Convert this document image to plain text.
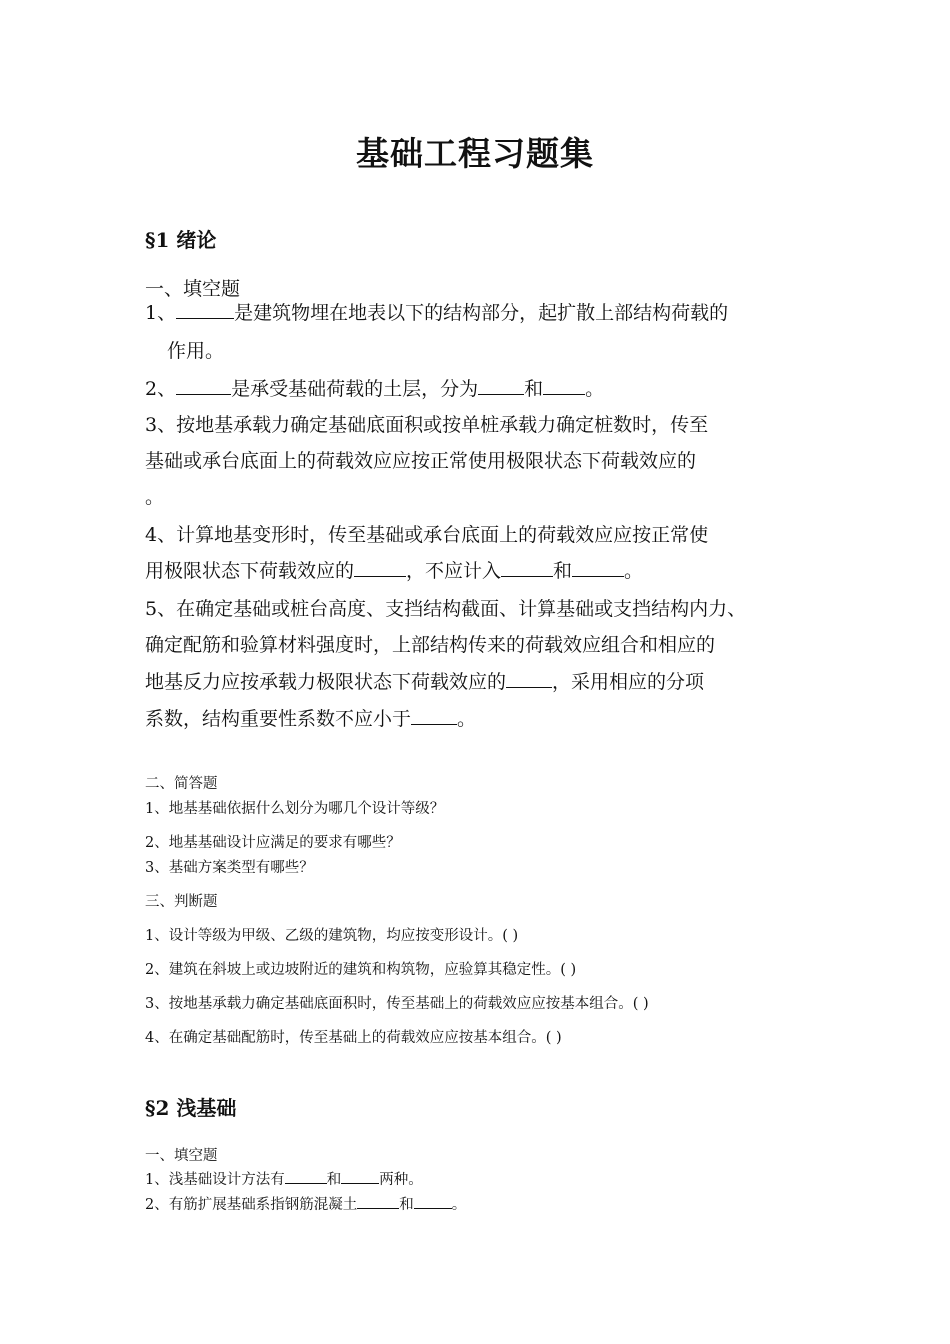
基础工程习题集
§1 绪论
一、填空题
1、	是建筑物埋在地表以下的结构部分，起扩散上部结构荷载的
作用。
2、	是承受基础荷载的土层，分为 和 。
3、按地基承载力确定基础底面积或按单桩承载力确定桩数时，传至
基础或承台底面上的荷载效应应按正常使用极限状态下荷载效应的
。
4、计算地基变形时，传至基础或承台底面上的荷载效应应按正常使
用极限状态下荷载效应的	，不应计入	和	。
5、在确定基础或桩台高度、支挡结构截面、计算基础或支挡结构内力、
确定配筋和验算材料强度时，上部结构传来的荷载效应组合和相应的
地基反力应按承载力极限状态下荷载效应的 ，采用相应的分项
系数，结构重要性系数不应小于 。
二、简答题
1、地基基础依据什么划分为哪几个设计等级？
2、地基基础设计应满足的要求有哪些？
3、基础方案类型有哪些？
三、判断题
1、设计等级为甲级、乙级的建筑物，均应按变形设计。( )
2、建筑在斜坡上或边坡附近的建筑和构筑物，应验算其稳定性。( )
3、按地基承载力确定基础底面积时，传至基础上的荷载效应应按基本组合。( )
4、在确定基础配筋时，传至基础上的荷载效应应按基本组合。( )
§2 浅基础
一、填空题
1、浅基础设计方法有	和	两种。
2、有筋扩展基础系指钢筋混凝土	和	。
